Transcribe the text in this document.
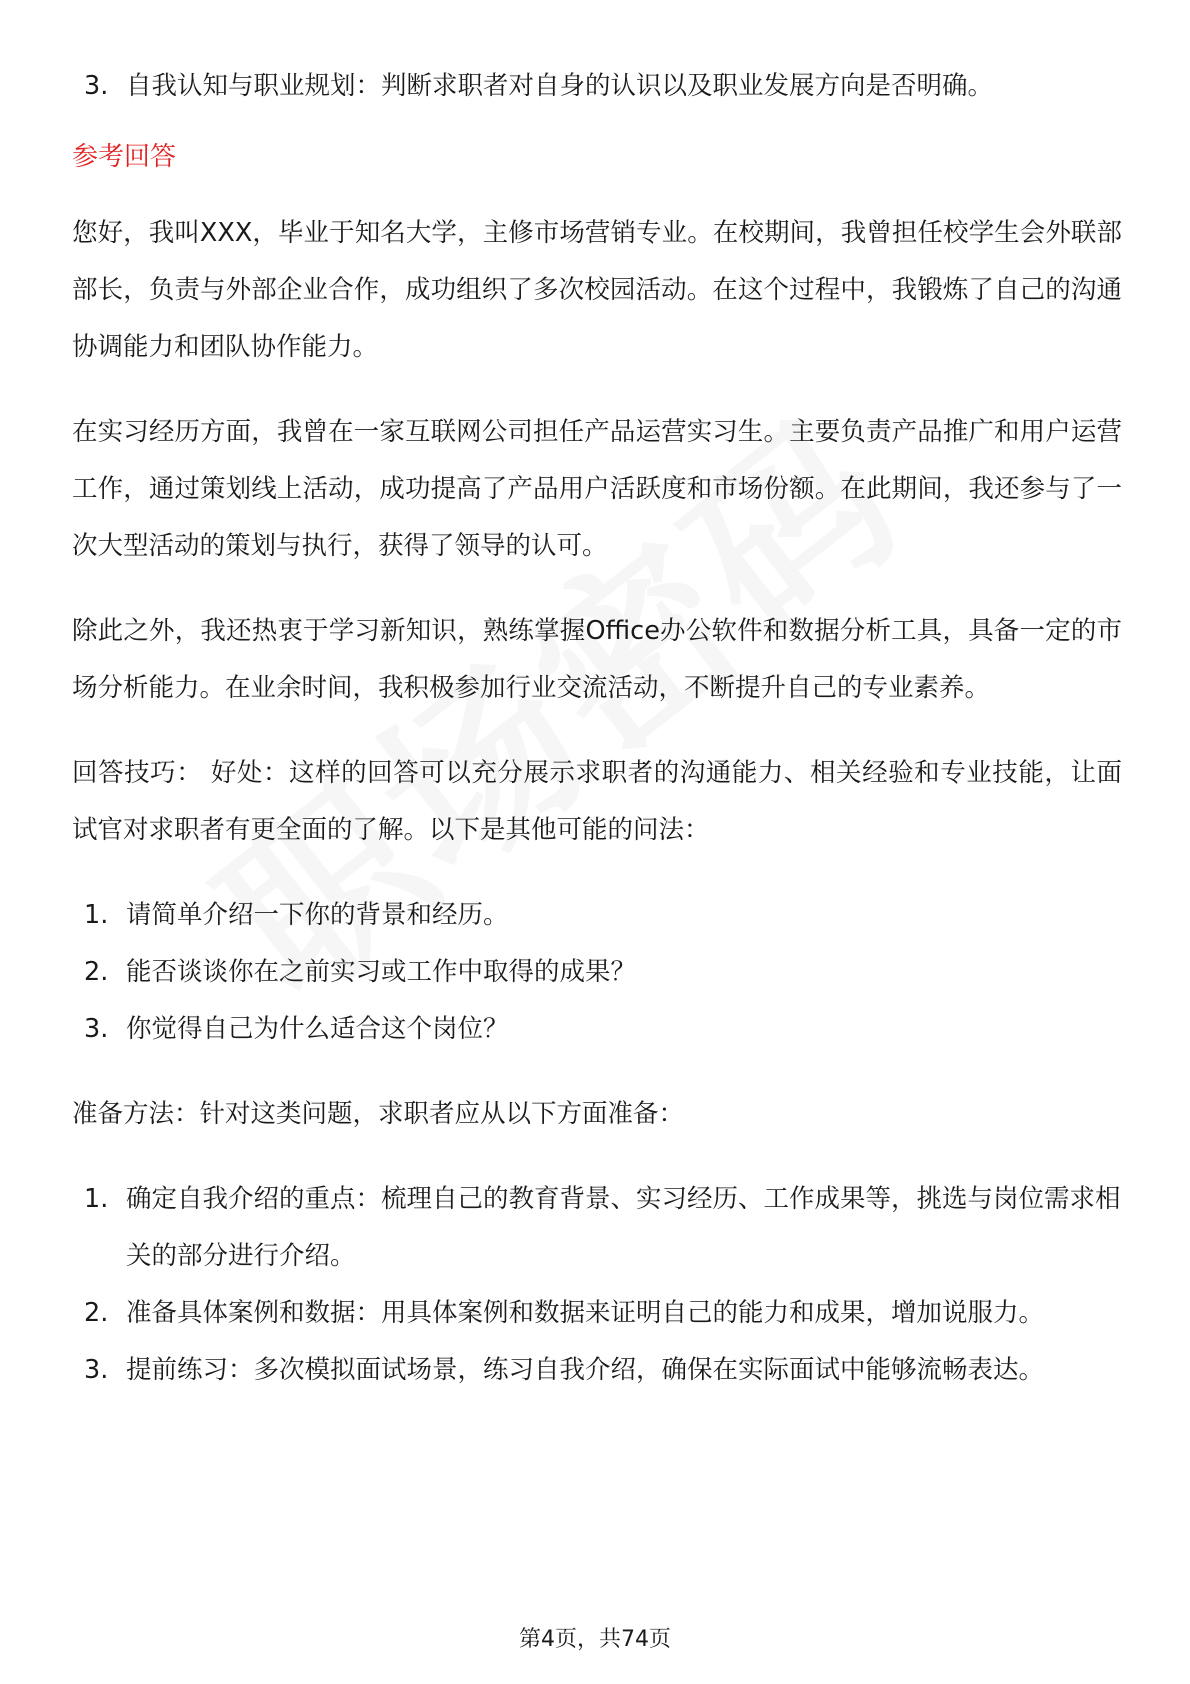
3. 自我认知与职业规划：判断求职者对自身的认识以及职业发展方向是否明确。
参考回答

您好，我叫XXX，毕业于知名大学，主修市场营销专业。在校期间，我曾担任校学生会外联部部长，负责与外部企业合作，成功组织了多次校园活动。在这个过程中，我锻炼了自己的沟通协调能力和团队协作能力。

在实习经历方面，我曾在一家互联网公司担任产品运营实习生。主要负责产品推广和用户运营工作，通过策划线上活动，成功提高了产品用户活跃度和市场份额。在此期间，我还参与了一次大型活动的策划与执行，获得了领导的认可。

除此之外，我还热衷于学习新知识，熟练掌握Office办公软件和数据分析工具，具备一定的市场分析能力。在业余时间，我积极参加行业交流活动，不断提升自己的专业素养。

回答技巧： 好处：这样的回答可以充分展示求职者的沟通能力、相关经验和专业技能，让面试官对求职者有更全面的了解。以下是其他可能的问法：

1. 请简单介绍一下你的背景和经历。
2. 能否谈谈你在之前实习或工作中取得的成果？
3. 你觉得自己为什么适合这个岗位？

准备方法：针对这类问题，求职者应从以下方面准备：

1. 确定自我介绍的重点：梳理自己的教育背景、实习经历、工作成果等，挑选与岗位需求相关的部分进行介绍。
2. 准备具体案例和数据：用具体案例和数据来证明自己的能力和成果，增加说服力。
3. 提前练习：多次模拟面试场景，练习自我介绍，确保在实际面试中能够流畅表达。
第4页，共74页
